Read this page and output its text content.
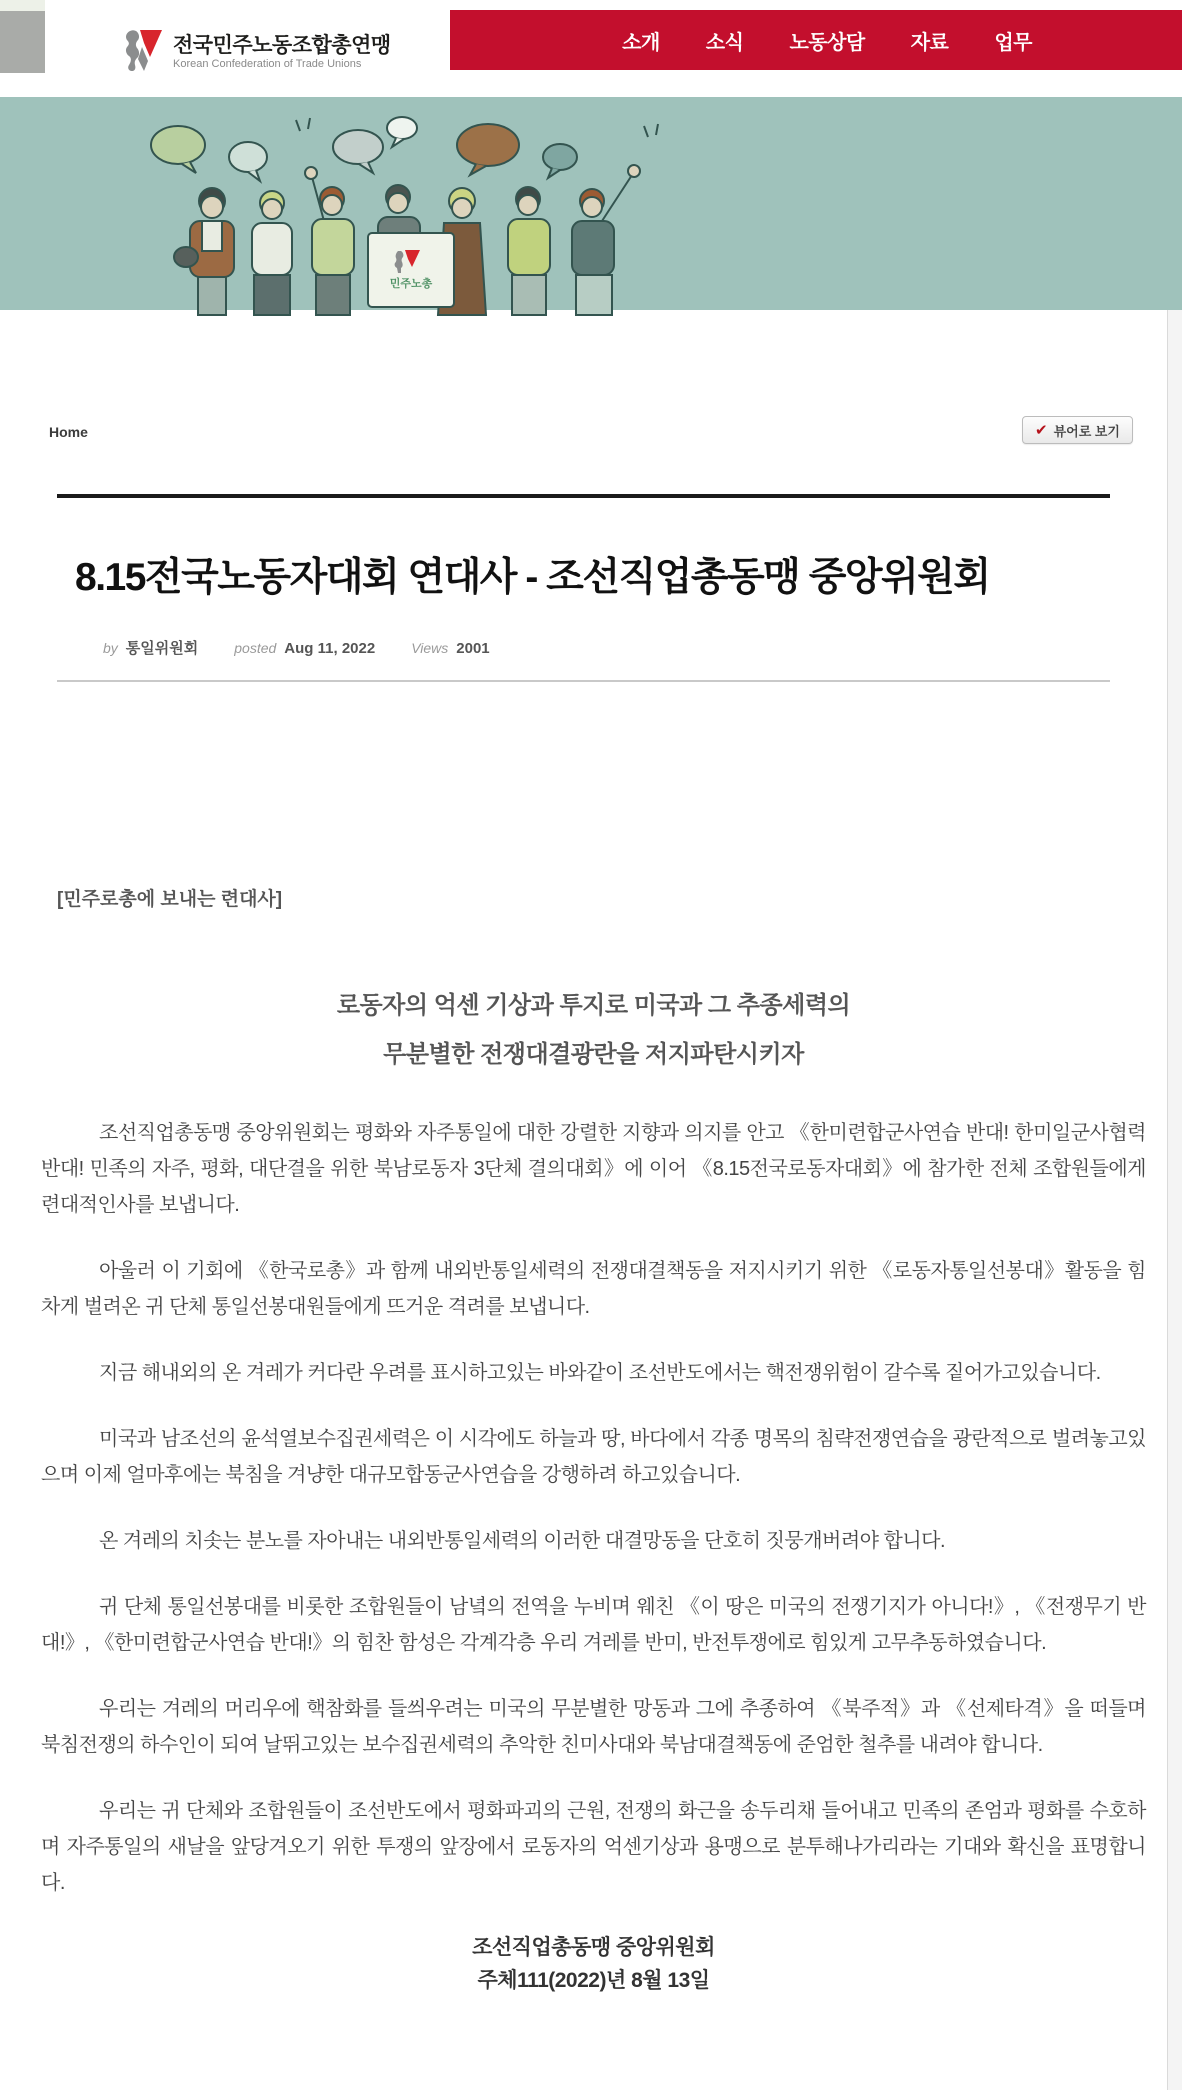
전국민주노동조합총연맹
Korean Confederation of Trade Unions
소개 소식 노동상담 자료 업무
민주노총
문서자료
Home	✔ 뷰어로 보기
8.15전국노동자대회 연대사 - 조선직업총동맹 중앙위원회
by 통일위원회	posted Aug 11, 2022	Views 2001
[민주로총에 보내는 련대사]
로동자의 억센 기상과 투지로 미국과 그 추종세력의
무분별한 전쟁대결광란을 저지파탄시키자

조선직업총동맹 중앙위원회는 평화와 자주통일에 대한 강렬한 지향과 의지를 안고 《한미련합군사연습 반대! 한미일군사협력 반대! 민족의 자주, 평화, 대단결을 위한 북남로동자 3단체 결의대회》에 이어 《8.15전국로동자대회》에 참가한 전체 조합원들에게 련대적인사를 보냅니다.

아울러 이 기회에 《한국로총》과 함께 내외반통일세력의 전쟁대결책동을 저지시키기 위한 《로동자통일선봉대》활동을 힘차게 벌려온 귀 단체 통일선봉대원들에게 뜨거운 격려를 보냅니다.

지금 해내외의 온 겨레가 커다란 우려를 표시하고있는 바와같이 조선반도에서는 핵전쟁위험이 갈수록 짙어가고있습니다.

미국과 남조선의 윤석열보수집권세력은 이 시각에도 하늘과 땅, 바다에서 각종 명목의 침략전쟁연습을 광란적으로 벌려놓고있으며 이제 얼마후에는 북침을 겨냥한 대규모합동군사연습을 강행하려 하고있습니다.

온 겨레의 치솟는 분노를 자아내는 내외반통일세력의 이러한 대결망동을 단호히 짓뭉개버려야 합니다.

귀 단체 통일선봉대를 비롯한 조합원들이 남녘의 전역을 누비며 웨친 《이 땅은 미국의 전쟁기지가 아니다!》, 《전쟁무기 반대!》, 《한미련합군사연습 반대!》의 힘찬 함성은 각계각층 우리 겨레를 반미, 반전투쟁에로 힘있게 고무추동하였습니다.

우리는 겨레의 머리우에 핵참화를 들씌우려는 미국의 무분별한 망동과 그에 추종하여 《북주적》과 《선제타격》을 떠들며 북침전쟁의 하수인이 되여 날뛰고있는 보수집권세력의 추악한 친미사대와 북남대결책동에 준엄한 철추를 내려야 합니다.

우리는 귀 단체와 조합원들이 조선반도에서 평화파괴의 근원, 전쟁의 화근을 송두리채 들어내고 민족의 존엄과 평화를 수호하며 자주통일의 새날을 앞당겨오기 위한 투쟁의 앞장에서 로동자의 억센기상과 용맹으로 분투해나가리라는 기대와 확신을 표명합니다.

조선직업총동맹 중앙위원회
주체111(2022)년 8월 13일
